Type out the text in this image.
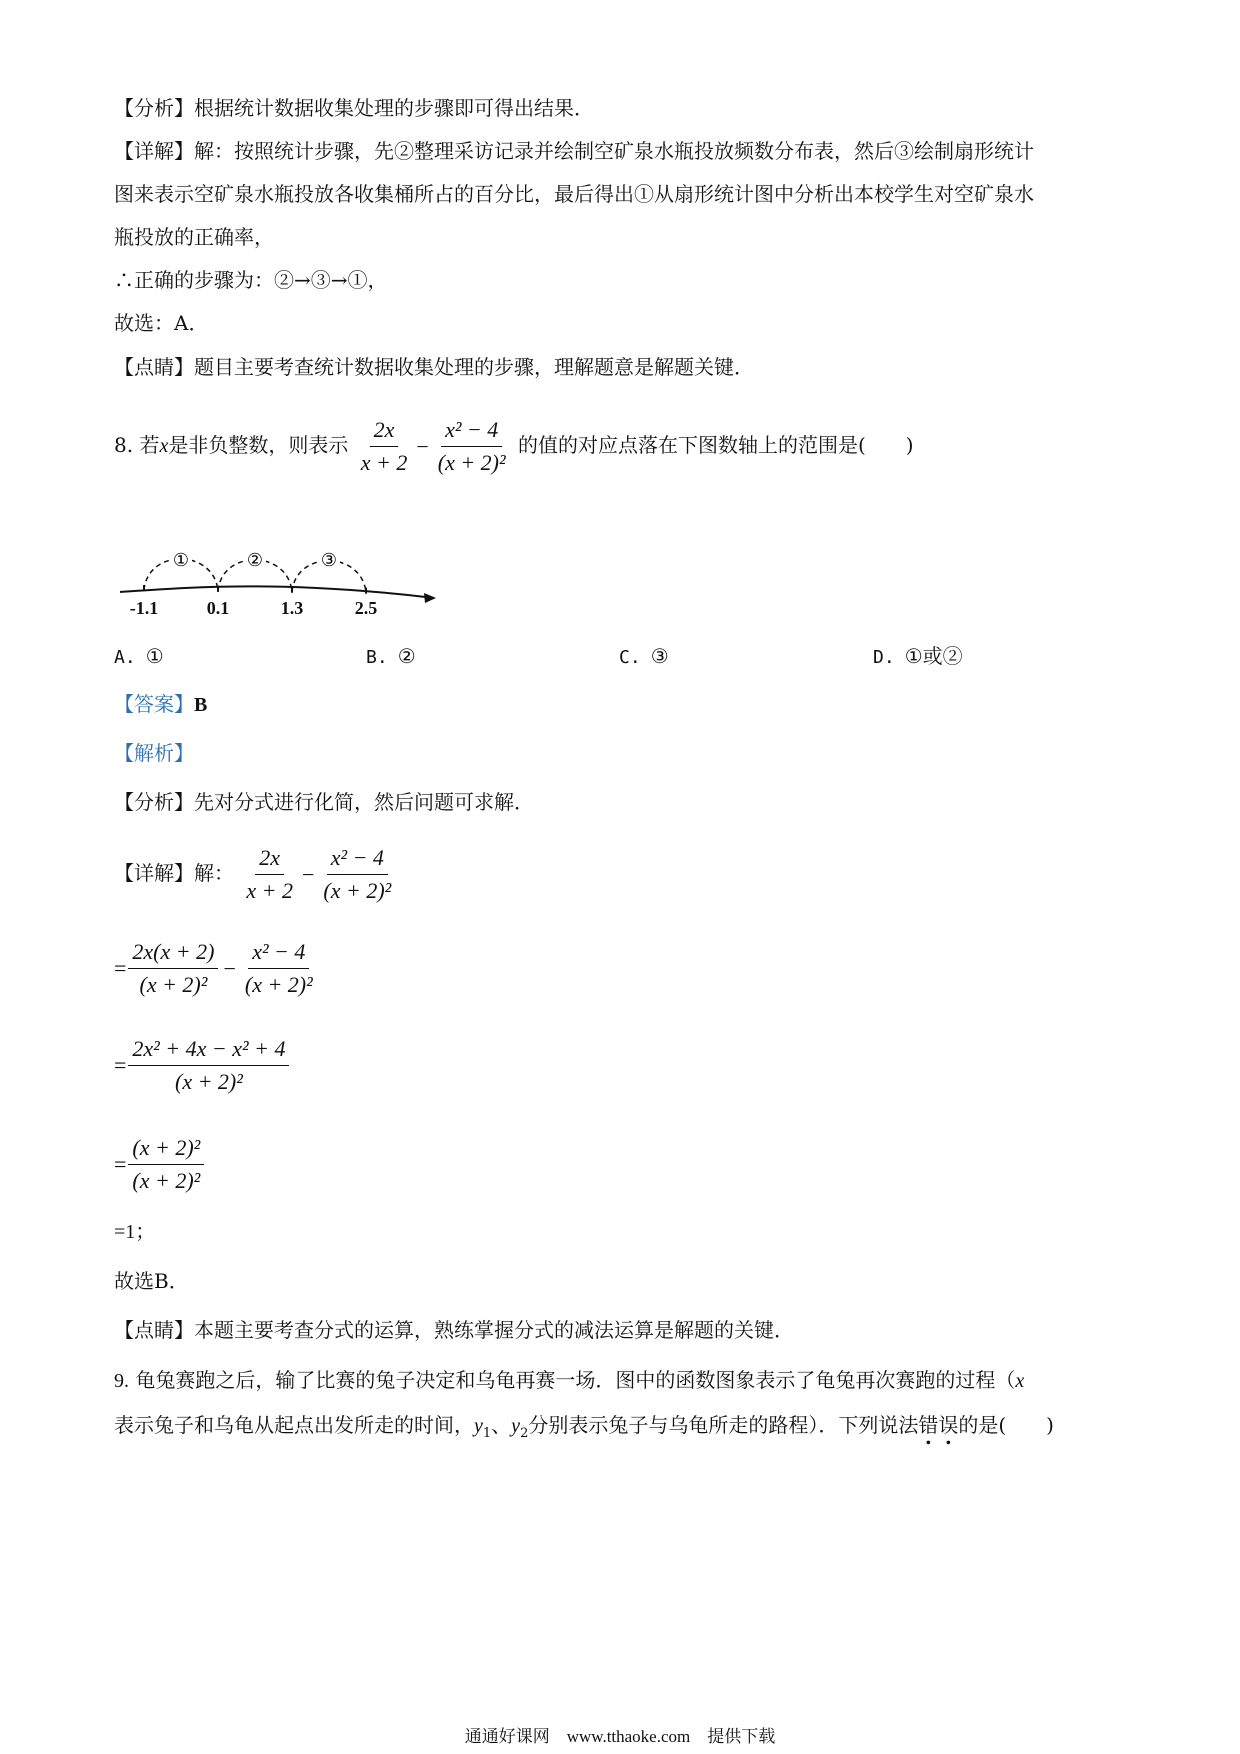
【分析】根据统计数据收集处理的步骤即可得出结果．
【详解】解：按照统计步骤，先②整理采访记录并绘制空矿泉水瓶投放频数分布表，然后③绘制扇形统计
图来表示空矿泉水瓶投放各收集桶所占的百分比，最后得出①从扇形统计图中分析出本校学生对空矿泉水
瓶投放的正确率，
∴正确的步骤为：②→③→①，
故选：A．
【点睛】题目主要考查统计数据收集处理的步骤，理解题意是解题关键．
8. 若x是非负整数，则表示 $\frac{2x}{x + 2} - \frac{\text{x² − 4}}{\text{(x + 2)²}}$ 的值的对应点落在下图数轴上的范围是(　　)
①	②	③
-1.1	0.1	1.3	2.5
A. ①	B. ②	C. ③	D. ①或②
【答案】B
【解析】
【分析】先对分式进行化简，然后问题可求解．
【详解】解： $\frac{2x}{x + 2} - \frac{\text{x² − 4}}{\text{(x + 2)²}}$
= $\frac{2x(x + 2)}{\text{(x + 2)²}} - \frac{\text{x² − 4}}{\text{(x + 2)²}}$
= $\frac{\text{2x² + 4x − x² + 4}}{\text{(x + 2)²}}$
= $\frac{\text{(x + 2)²}}{\text{(x + 2)²}}$
=1；
故选B．
【点睛】本题主要考查分式的运算，熟练掌握分式的减法运算是解题的关键．
9. 龟兔赛跑之后，输了比赛的兔子决定和乌龟再赛一场．图中的函数图象表示了龟兔再次赛跑的过程（x
表示兔子和乌龟从起点出发所走的时间，$y_1$、$y_2$分别表示兔子与乌龟所走的路程）．下列说法错误的是(　　)
通通好课网　www.tthaoke.com　提供下载
